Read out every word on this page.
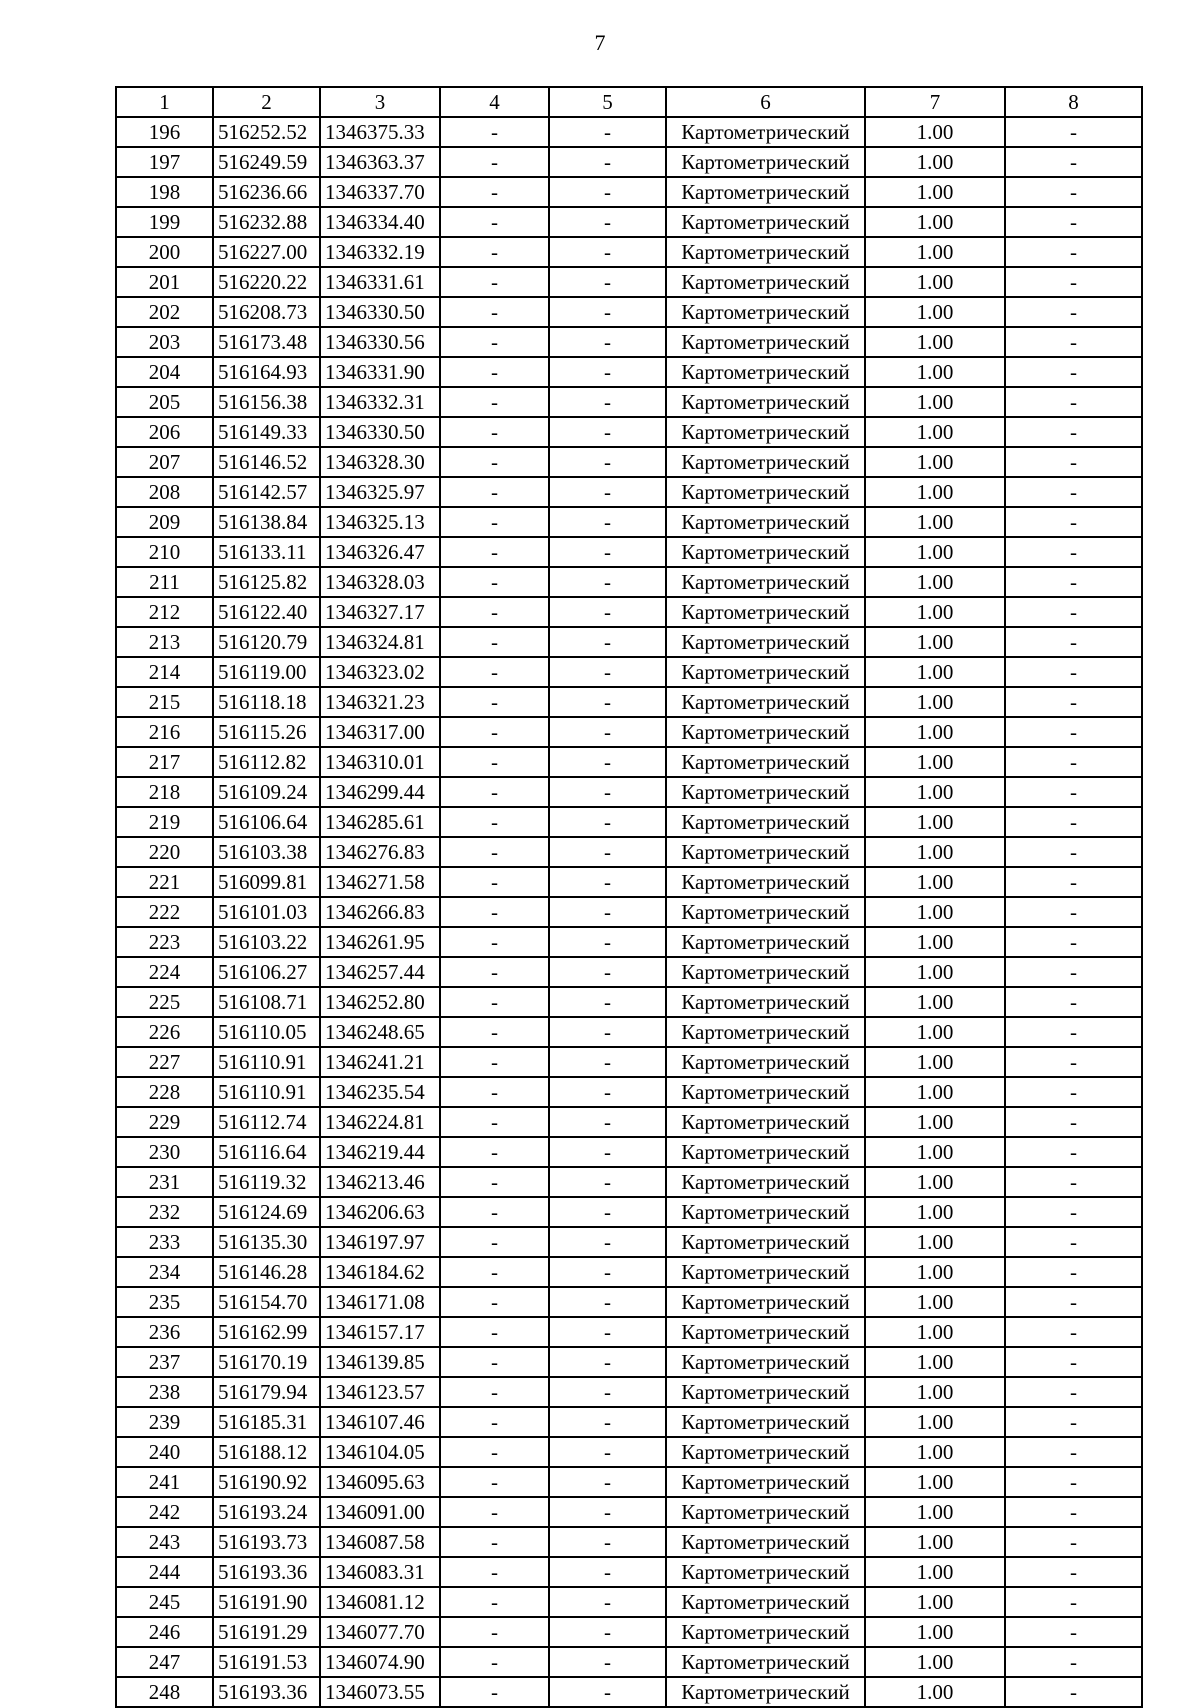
7
1	2	3	4	5	6	7	8
196	516252.52	1346375.33	-	-	Картометрический	1.00	-
197	516249.59	1346363.37	-	-	Картометрический	1.00	-
198	516236.66	1346337.70	-	-	Картометрический	1.00	-
199	516232.88	1346334.40	-	-	Картометрический	1.00	-
200	516227.00	1346332.19	-	-	Картометрический	1.00	-
201	516220.22	1346331.61	-	-	Картометрический	1.00	-
202	516208.73	1346330.50	-	-	Картометрический	1.00	-
203	516173.48	1346330.56	-	-	Картометрический	1.00	-
204	516164.93	1346331.90	-	-	Картометрический	1.00	-
205	516156.38	1346332.31	-	-	Картометрический	1.00	-
206	516149.33	1346330.50	-	-	Картометрический	1.00	-
207	516146.52	1346328.30	-	-	Картометрический	1.00	-
208	516142.57	1346325.97	-	-	Картометрический	1.00	-
209	516138.84	1346325.13	-	-	Картометрический	1.00	-
210	516133.11	1346326.47	-	-	Картометрический	1.00	-
211	516125.82	1346328.03	-	-	Картометрический	1.00	-
212	516122.40	1346327.17	-	-	Картометрический	1.00	-
213	516120.79	1346324.81	-	-	Картометрический	1.00	-
214	516119.00	1346323.02	-	-	Картометрический	1.00	-
215	516118.18	1346321.23	-	-	Картометрический	1.00	-
216	516115.26	1346317.00	-	-	Картометрический	1.00	-
217	516112.82	1346310.01	-	-	Картометрический	1.00	-
218	516109.24	1346299.44	-	-	Картометрический	1.00	-
219	516106.64	1346285.61	-	-	Картометрический	1.00	-
220	516103.38	1346276.83	-	-	Картометрический	1.00	-
221	516099.81	1346271.58	-	-	Картометрический	1.00	-
222	516101.03	1346266.83	-	-	Картометрический	1.00	-
223	516103.22	1346261.95	-	-	Картометрический	1.00	-
224	516106.27	1346257.44	-	-	Картометрический	1.00	-
225	516108.71	1346252.80	-	-	Картометрический	1.00	-
226	516110.05	1346248.65	-	-	Картометрический	1.00	-
227	516110.91	1346241.21	-	-	Картометрический	1.00	-
228	516110.91	1346235.54	-	-	Картометрический	1.00	-
229	516112.74	1346224.81	-	-	Картометрический	1.00	-
230	516116.64	1346219.44	-	-	Картометрический	1.00	-
231	516119.32	1346213.46	-	-	Картометрический	1.00	-
232	516124.69	1346206.63	-	-	Картометрический	1.00	-
233	516135.30	1346197.97	-	-	Картометрический	1.00	-
234	516146.28	1346184.62	-	-	Картометрический	1.00	-
235	516154.70	1346171.08	-	-	Картометрический	1.00	-
236	516162.99	1346157.17	-	-	Картометрический	1.00	-
237	516170.19	1346139.85	-	-	Картометрический	1.00	-
238	516179.94	1346123.57	-	-	Картометрический	1.00	-
239	516185.31	1346107.46	-	-	Картометрический	1.00	-
240	516188.12	1346104.05	-	-	Картометрический	1.00	-
241	516190.92	1346095.63	-	-	Картометрический	1.00	-
242	516193.24	1346091.00	-	-	Картометрический	1.00	-
243	516193.73	1346087.58	-	-	Картометрический	1.00	-
244	516193.36	1346083.31	-	-	Картометрический	1.00	-
245	516191.90	1346081.12	-	-	Картометрический	1.00	-
246	516191.29	1346077.70	-	-	Картометрический	1.00	-
247	516191.53	1346074.90	-	-	Картометрический	1.00	-
248	516193.36	1346073.55	-	-	Картометрический	1.00	-
